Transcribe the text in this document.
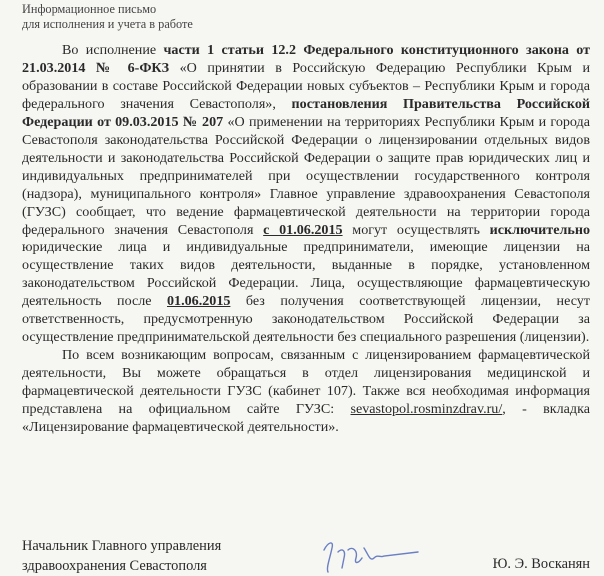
Информационное письмо
для исполнения и учета в работе

Во исполнение части 1 статьи 12.2 Федерального конституционного закона от 21.03.2014 № 6-ФКЗ «О принятии в Российскую Федерацию Республики Крым и образовании в составе Российской Федерации новых субъектов – Республики Крым и города федерального значения Севастополя», постановления Правительства Российской Федерации от 09.03.2015 № 207 «О применении на территориях Республики Крым и города Севастополя законодательства Российской Федерации о лицензировании отдельных видов деятельности и законодательства Российской Федерации о защите прав юридических лиц и индивидуальных предпринимателей при осуществлении государственного контроля (надзора), муниципального контроля» Главное управление здравоохранения Севастополя (ГУЗС) сообщает, что ведение фармацевтической деятельности на территории города федерального значения Севастополя с 01.06.2015 могут осуществлять исключительно юридические лица и индивидуальные предприниматели, имеющие лицензии на осуществление таких видов деятельности, выданные в порядке, установленном законодательством Российской Федерации. Лица, осуществляющие фармацевтическую деятельность после 01.06.2015 без получения соответствующей лицензии, несут ответственность, предусмотренную законодательством Российской Федерации за осуществление предпринимательской деятельности без специального разрешения (лицензии).

По всем возникающим вопросам, связанным с лицензированием фармацевтической деятельности, Вы можете обращаться в отдел лицензирования медицинской и фармацевтической деятельности ГУЗС (кабинет 107). Также вся необходимая информация представлена на официальном сайте ГУЗС: sevastopol.rosminzdrav.ru/, - вкладка «Лицензирование фармацевтической деятельности».

Начальник Главного управления
здравоохранения Севастополя	Ю. Э. Восканян
